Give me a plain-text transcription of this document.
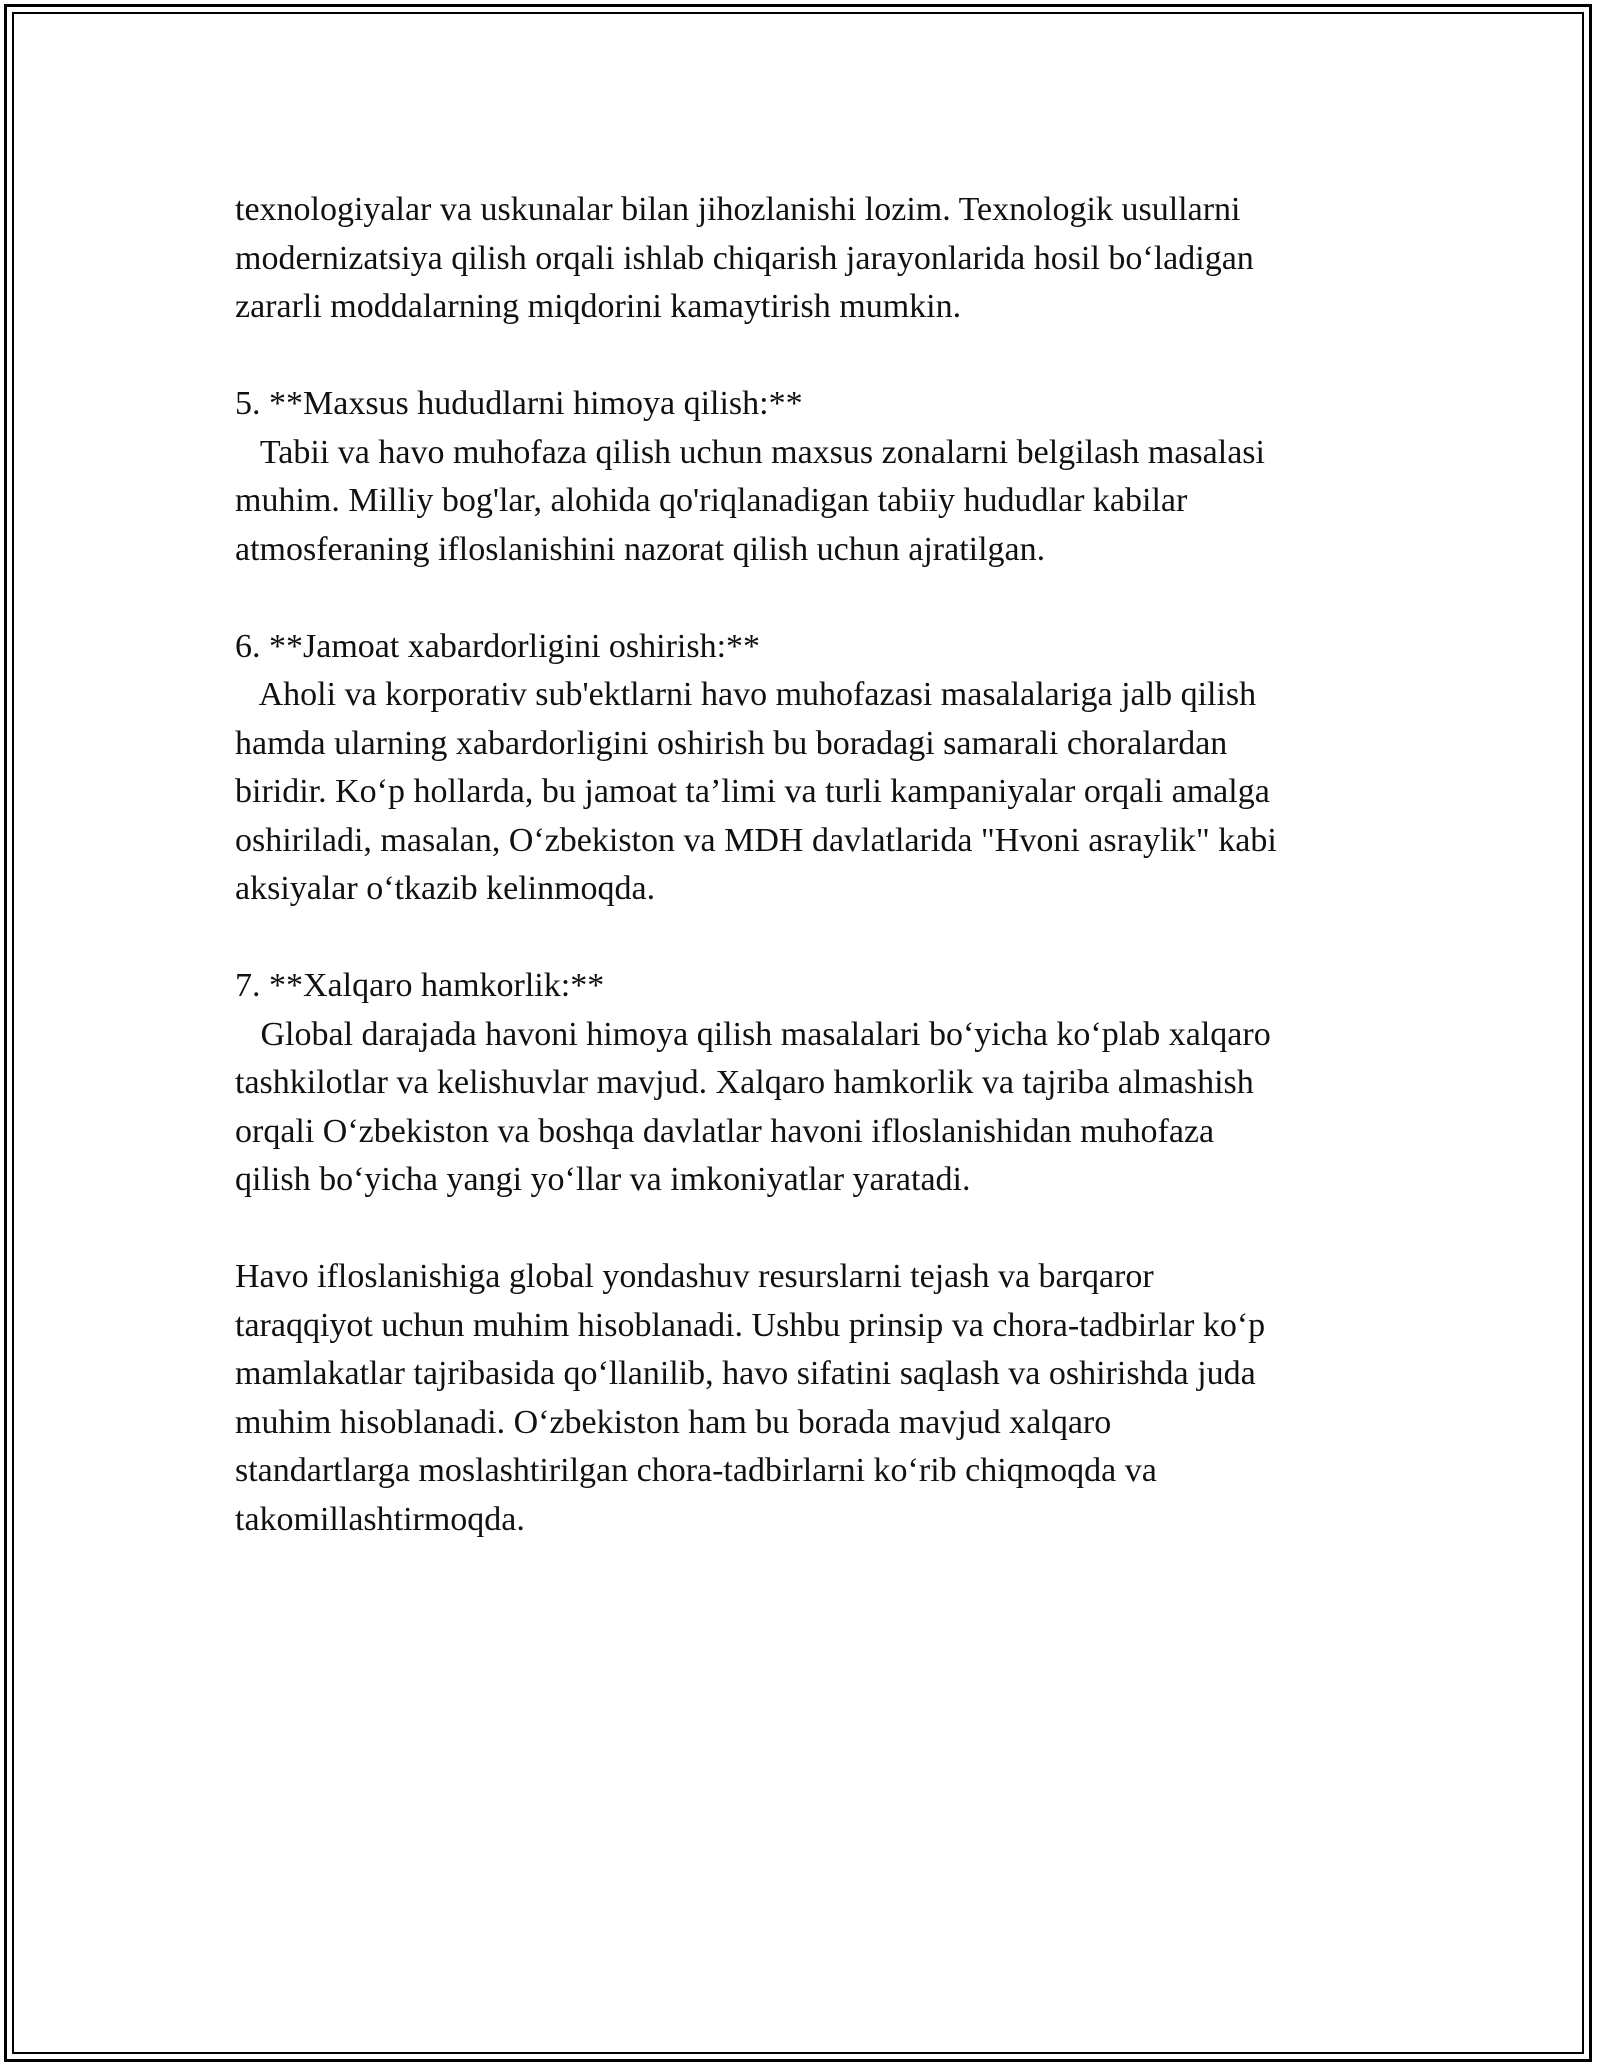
texnologiyalar va uskunalar bilan jihozlanishi lozim. Texnologik usullarni
modernizatsiya qilish orqali ishlab chiqarish jarayonlarida hosil bo‘ladigan
zararli moddalarning miqdorini kamaytirish mumkin.
5. **Maxsus hududlarni himoya qilish:**
Tabii va havo muhofaza qilish uchun maxsus zonalarni belgilash masalasi
muhim. Milliy bog'lar, alohida qo'riqlanadigan tabiiy hududlar kabilar
atmosferaning ifloslanishini nazorat qilish uchun ajratilgan.
6. **Jamoat xabardorligini oshirish:**
Aholi va korporativ sub'ektlarni havo muhofazasi masalalariga jalb qilish
hamda ularning xabardorligini oshirish bu boradagi samarali choralardan
biridir. Ko‘p hollarda, bu jamoat ta’limi va turli kampaniyalar orqali amalga
oshiriladi, masalan, O‘zbekiston va MDH davlatlarida "Hvoni asraylik" kabi
aksiyalar o‘tkazib kelinmoqda.
7. **Xalqaro hamkorlik:**
Global darajada havoni himoya qilish masalalari bo‘yicha ko‘plab xalqaro
tashkilotlar va kelishuvlar mavjud. Xalqaro hamkorlik va tajriba almashish
orqali O‘zbekiston va boshqa davlatlar havoni ifloslanishidan muhofaza
qilish bo‘yicha yangi yo‘llar va imkoniyatlar yaratadi.
Havo ifloslanishiga global yondashuv resurslarni tejash va barqaror
taraqqiyot uchun muhim hisoblanadi. Ushbu prinsip va chora-tadbirlar ko‘p
mamlakatlar tajribasida qo‘llanilib, havo sifatini saqlash va oshirishda juda
muhim hisoblanadi. O‘zbekiston ham bu borada mavjud xalqaro
standartlarga moslashtirilgan chora-tadbirlarni ko‘rib chiqmoqda va
takomillashtirmoqda.
